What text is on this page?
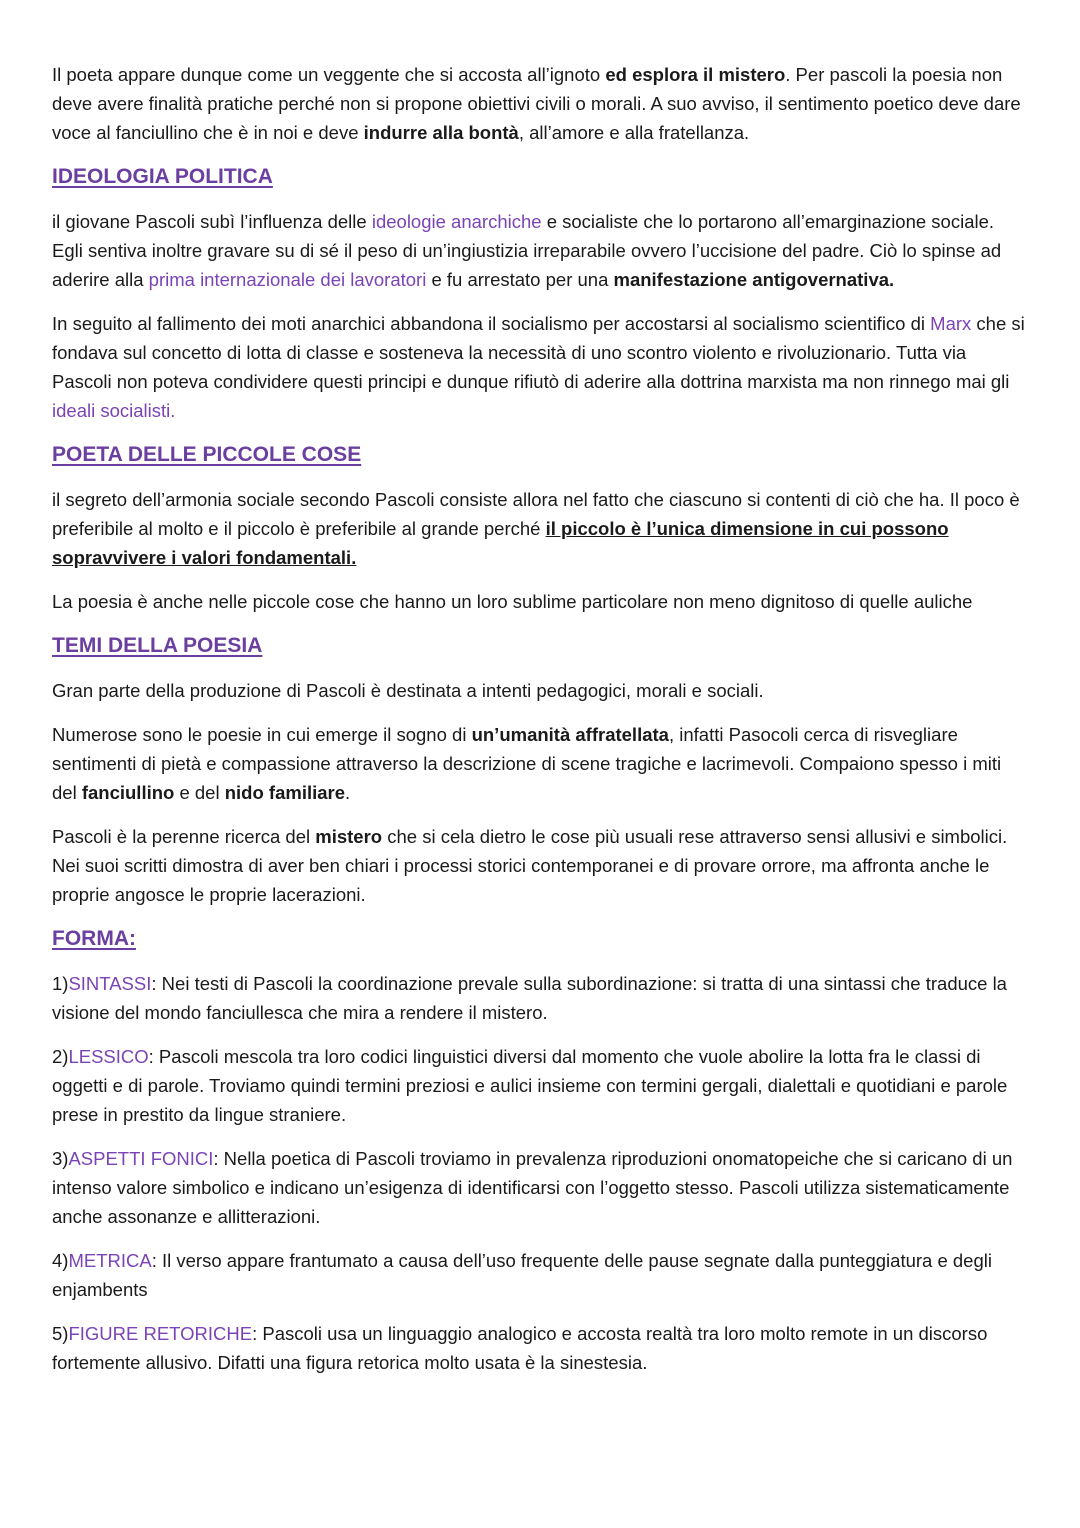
Il poeta appare dunque come un veggente che si accosta all’ignoto ed esplora il mistero. Per pascoli la poesia non deve avere finalità pratiche perché non si propone obiettivi civili o morali. A suo avviso, il sentimento poetico deve dare voce al fanciullino che è in noi e deve indurre alla bontà, all’amore e alla fratellanza.

IDEOLOGIA POLITICA

il giovane Pascoli subì l’influenza delle ideologie anarchiche e socialiste che lo portarono all’emarginazione sociale. Egli sentiva inoltre gravare su di sé il peso di un’ingiustizia irreparabile ovvero l’uccisione del padre. Ciò lo spinse ad aderire alla prima internazionale dei lavoratori e fu arrestato per una manifestazione antigovernativa.

In seguito al fallimento dei moti anarchici abbandona il socialismo per accostarsi al socialismo scientifico di Marx che si fondava sul concetto di lotta di classe e sosteneva la necessità di uno scontro violento e rivoluzionario. Tutta via Pascoli non poteva condividere questi principi e dunque rifiutò di aderire alla dottrina marxista ma non rinnego mai gli ideali socialisti.

POETA DELLE PICCOLE COSE

il segreto dell’armonia sociale secondo Pascoli consiste allora nel fatto che ciascuno si contenti di ciò che ha. Il poco è preferibile al molto e il piccolo è preferibile al grande perché il piccolo è l’unica dimensione in cui possono sopravvivere i valori fondamentali.

La poesia è anche nelle piccole cose che hanno un loro sublime particolare non meno dignitoso di quelle auliche

TEMI DELLA POESIA

Gran parte della produzione di Pascoli è destinata a intenti pedagogici, morali e sociali.

Numerose sono le poesie in cui emerge il sogno di un’umanità affratellata, infatti Pasocoli cerca di risvegliare sentimenti di pietà e compassione attraverso la descrizione di scene tragiche e lacrimevoli. Compaiono spesso i miti del fanciullino e del nido familiare.

Pascoli è la perenne ricerca del mistero che si cela dietro le cose più usuali rese attraverso sensi allusivi e simbolici. Nei suoi scritti dimostra di aver ben chiari i processi storici contemporanei e di provare orrore, ma affronta anche le proprie angosce le proprie lacerazioni.

FORMA:

1)SINTASSI: Nei testi di Pascoli la coordinazione prevale sulla subordinazione: si tratta di una sintassi che traduce la visione del mondo fanciullesca che mira a rendere il mistero.

2)LESSICO: Pascoli mescola tra loro codici linguistici diversi dal momento che vuole abolire la lotta fra le classi di oggetti e di parole. Troviamo quindi termini preziosi e aulici insieme con termini gergali, dialettali e quotidiani e parole prese in prestito da lingue straniere.

3)ASPETTI FONICI: Nella poetica di Pascoli troviamo in prevalenza riproduzioni onomatopeiche che si caricano di un intenso valore simbolico e indicano un’esigenza di identificarsi con l’oggetto stesso. Pascoli utilizza sistematicamente anche assonanze e allitterazioni.

4)METRICA: Il verso appare frantumato a causa dell’uso frequente delle pause segnate dalla punteggiatura e degli enjambents

5)FIGURE RETORICHE: Pascoli usa un linguaggio analogico e accosta realtà tra loro molto remote in un discorso fortemente allusivo. Difatti una figura retorica molto usata è la sinestesia.
